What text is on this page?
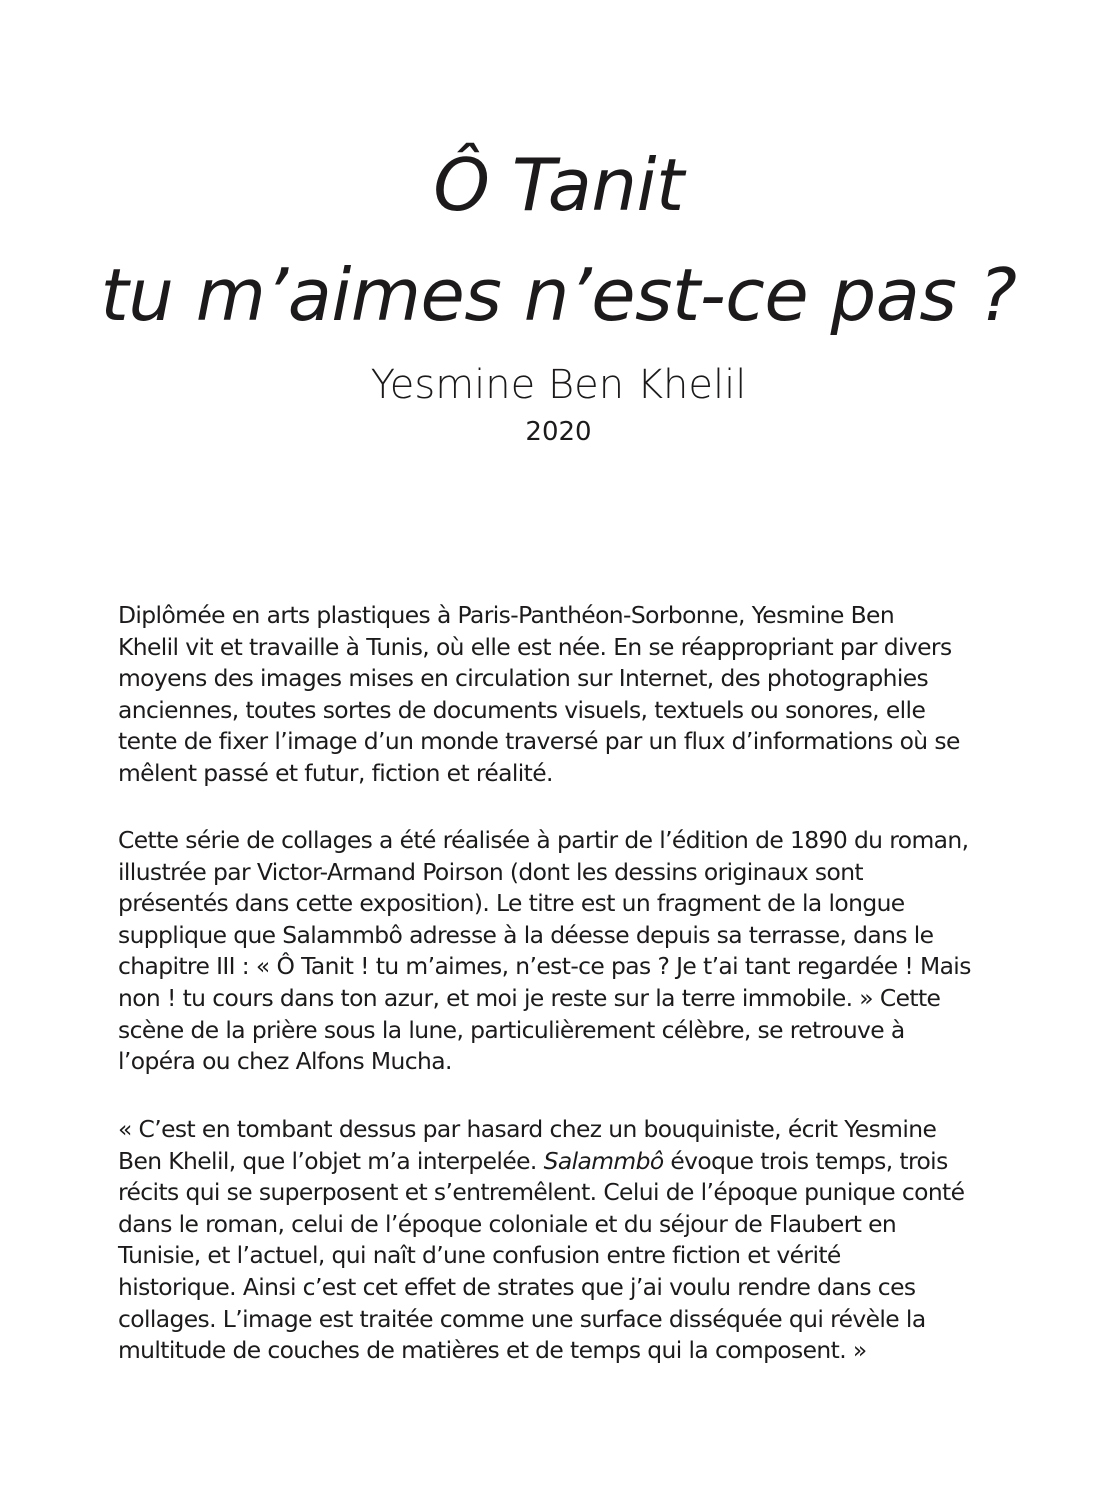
Ô Tanit
tu m’aimes n’est-ce pas ?
Yesmine Ben Khelil

2020

Diplômée en arts plastiques à Paris-Panthéon-Sorbonne, Yesmine Ben
Khelil vit et travaille à Tunis, où elle est née. En se réappropriant par divers
moyens des images mises en circulation sur Internet, des photographies
anciennes, toutes sortes de documents visuels, textuels ou sonores, elle
tente de fixer l’image d’un monde traversé par un flux d’informations où se
mêlent passé et futur, fiction et réalité.

Cette série de collages a été réalisée à partir de l’édition de 1890 du roman,
illustrée par Victor-Armand Poirson (dont les dessins originaux sont
présentés dans cette exposition). Le titre est un fragment de la longue
supplique que Salammbô adresse à la déesse depuis sa terrasse, dans le
chapitre III : « Ô Tanit ! tu m’aimes, n’est-ce pas ? Je t’ai tant regardée ! Mais
non ! tu cours dans ton azur, et moi je reste sur la terre immobile. » Cette
scène de la prière sous la lune, particulièrement célèbre, se retrouve à
l’opéra ou chez Alfons Mucha.

« C’est en tombant dessus par hasard chez un bouquiniste, écrit Yesmine
Ben Khelil, que l’objet m’a interpelée. Salammbô évoque trois temps, trois
récits qui se superposent et s’entremêlent. Celui de l’époque punique conté
dans le roman, celui de l’époque coloniale et du séjour de Flaubert en
Tunisie, et l’actuel, qui naît d’une confusion entre fiction et vérité
historique. Ainsi c’est cet effet de strates que j’ai voulu rendre dans ces
collages. L’image est traitée comme une surface disséquée qui révèle la
multitude de couches de matières et de temps qui la composent. »
